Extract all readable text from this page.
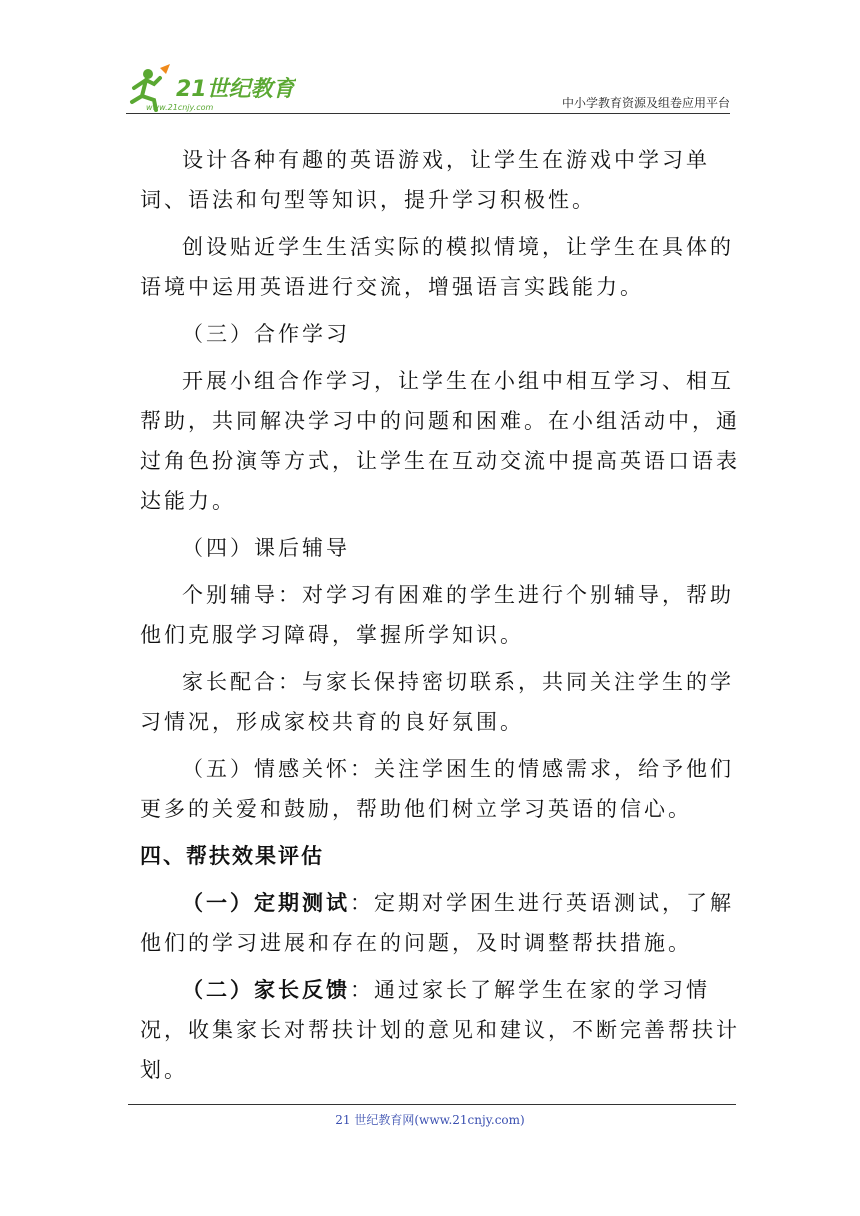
21世纪教育
www.21cnjy.com	中小学教育资源及组卷应用平台

设计各种有趣的英语游戏，让学生在游戏中学习单词、语法和句型等知识，提升学习积极性。

创设贴近学生生活实际的模拟情境，让学生在具体的语境中运用英语进行交流，增强语言实践能力。

（三）合作学习

开展小组合作学习，让学生在小组中相互学习、相互帮助，共同解决学习中的问题和困难。在小组活动中，通过角色扮演等方式，让学生在互动交流中提高英语口语表达能力。

（四）课后辅导

个别辅导：对学习有困难的学生进行个别辅导，帮助他们克服学习障碍，掌握所学知识。

家长配合：与家长保持密切联系，共同关注学生的学习情况，形成家校共育的良好氛围。

（五）情感关怀：关注学困生的情感需求，给予他们更多的关爱和鼓励，帮助他们树立学习英语的信心。

四、帮扶效果评估

（一）定期测试：定期对学困生进行英语测试，了解他们的学习进展和存在的问题，及时调整帮扶措施。

（二）家长反馈：通过家长了解学生在家的学习情况，收集家长对帮扶计划的意见和建议，不断完善帮扶计划。

21 世纪教育网(www.21cnjy.com)
